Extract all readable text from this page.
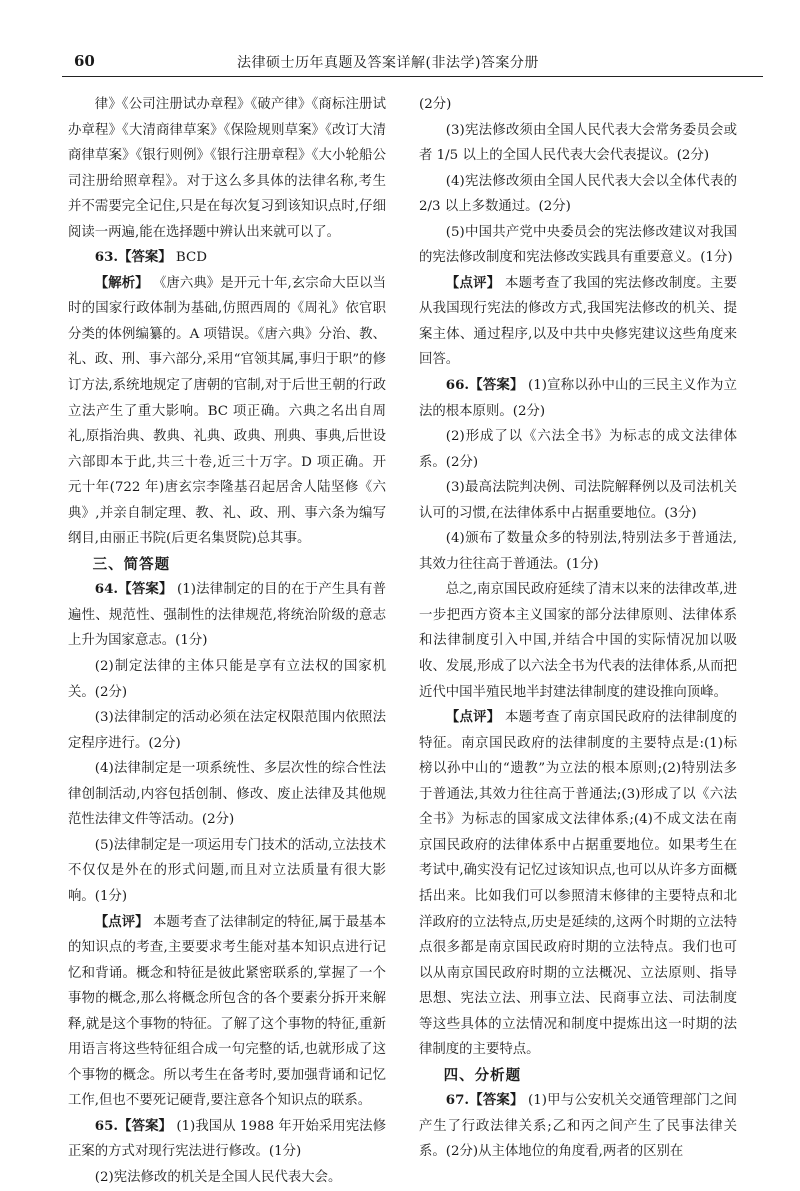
60	法律硕士历年真题及答案详解(非法学)答案分册

律》《公司注册试办章程》《破产律》《商标注册试办章程》《大清商律草案》《保险规则草案》《改订大清商律草案》《银行则例》《银行注册章程》《大小轮船公司注册给照章程》。对于这么多具体的法律名称,考生并不需要完全记住,只是在每次复习到该知识点时,仔细阅读一两遍,能在选择题中辨认出来就可以了。

63.【答案】 BCD

【解析】 《唐六典》是开元十年,玄宗命大臣以当时的国家行政体制为基础,仿照西周的《周礼》依官职分类的体例编纂的。A 项错误。《唐六典》分治、教、礼、政、刑、事六部分,采用“官领其属,事归于职”的修订方法,系统地规定了唐朝的官制,对于后世王朝的行政立法产生了重大影响。BC 项正确。六典之名出自周礼,原指治典、教典、礼典、政典、刑典、事典,后世设六部即本于此,共三十卷,近三十万字。D 项正确。开元十年(722 年)唐玄宗李隆基召起居舍人陆坚修《六典》,并亲自制定理、教、礼、政、刑、事六条为编写纲目,由丽正书院(后更名集贤院)总其事。

三、简答题

64.【答案】 (1)法律制定的目的在于产生具有普遍性、规范性、强制性的法律规范,将统治阶级的意志上升为国家意志。(1分)

(2)制定法律的主体只能是享有立法权的国家机关。(2分)

(3)法律制定的活动必须在法定权限范围内依照法定程序进行。(2分)

(4)法律制定是一项系统性、多层次性的综合性法律创制活动,内容包括创制、修改、废止法律及其他规范性法律文件等活动。(2分)

(5)法律制定是一项运用专门技术的活动,立法技术不仅仅是外在的形式问题,而且对立法质量有很大影响。(1分)

【点评】 本题考查了法律制定的特征,属于最基本的知识点的考查,主要要求考生能对基本知识点进行记忆和背诵。概念和特征是彼此紧密联系的,掌握了一个事物的概念,那么将概念所包含的各个要素分拆开来解释,就是这个事物的特征。了解了这个事物的特征,重新用语言将这些特征组合成一句完整的话,也就形成了这个事物的概念。所以考生在备考时,要加强背诵和记忆工作,但也不要死记硬背,要注意各个知识点的联系。

65.【答案】 (1)我国从 1988 年开始采用宪法修正案的方式对现行宪法进行修改。(1分)

(2)宪法修改的机关是全国人民代表大会。

(2分)

(3)宪法修改须由全国人民代表大会常务委员会或者 1/5 以上的全国人民代表大会代表提议。(2分)

(4)宪法修改须由全国人民代表大会以全体代表的 2/3 以上多数通过。(2分)

(5)中国共产党中央委员会的宪法修改建议对我国的宪法修改制度和宪法修改实践具有重要意义。(1分)

【点评】 本题考查了我国的宪法修改制度。主要从我国现行宪法的修改方式,我国宪法修改的机关、提案主体、通过程序,以及中共中央修宪建议这些角度来回答。

66.【答案】 (1)宣称以孙中山的三民主义作为立法的根本原则。(2分)

(2)形成了以《六法全书》为标志的成文法律体系。(2分)

(3)最高法院判决例、司法院解释例以及司法机关认可的习惯,在法律体系中占据重要地位。(3分)

(4)颁布了数量众多的特别法,特别法多于普通法,其效力往往高于普通法。(1分)

总之,南京国民政府延续了清末以来的法律改革,进一步把西方资本主义国家的部分法律原则、法律体系和法律制度引入中国,并结合中国的实际情况加以吸收、发展,形成了以六法全书为代表的法律体系,从而把近代中国半殖民地半封建法律制度的建设推向顶峰。

【点评】 本题考查了南京国民政府的法律制度的特征。南京国民政府的法律制度的主要特点是:(1)标榜以孙中山的“遗教”为立法的根本原则;(2)特别法多于普通法,其效力往往高于普通法;(3)形成了以《六法全书》为标志的国家成文法律体系;(4)不成文法在南京国民政府的法律体系中占据重要地位。如果考生在考试中,确实没有记忆过该知识点,也可以从许多方面概括出来。比如我们可以参照清末修律的主要特点和北洋政府的立法特点,历史是延续的,这两个时期的立法特点很多都是南京国民政府时期的立法特点。我们也可以从南京国民政府时期的立法概况、立法原则、指导思想、宪法立法、刑事立法、民商事立法、司法制度等这些具体的立法情况和制度中提炼出这一时期的法律制度的主要特点。

四、分析题

67.【答案】 (1)甲与公安机关交通管理部门之间产生了行政法律关系;乙和丙之间产生了民事法律关系。(2分)从主体地位的角度看,两者的区别在
